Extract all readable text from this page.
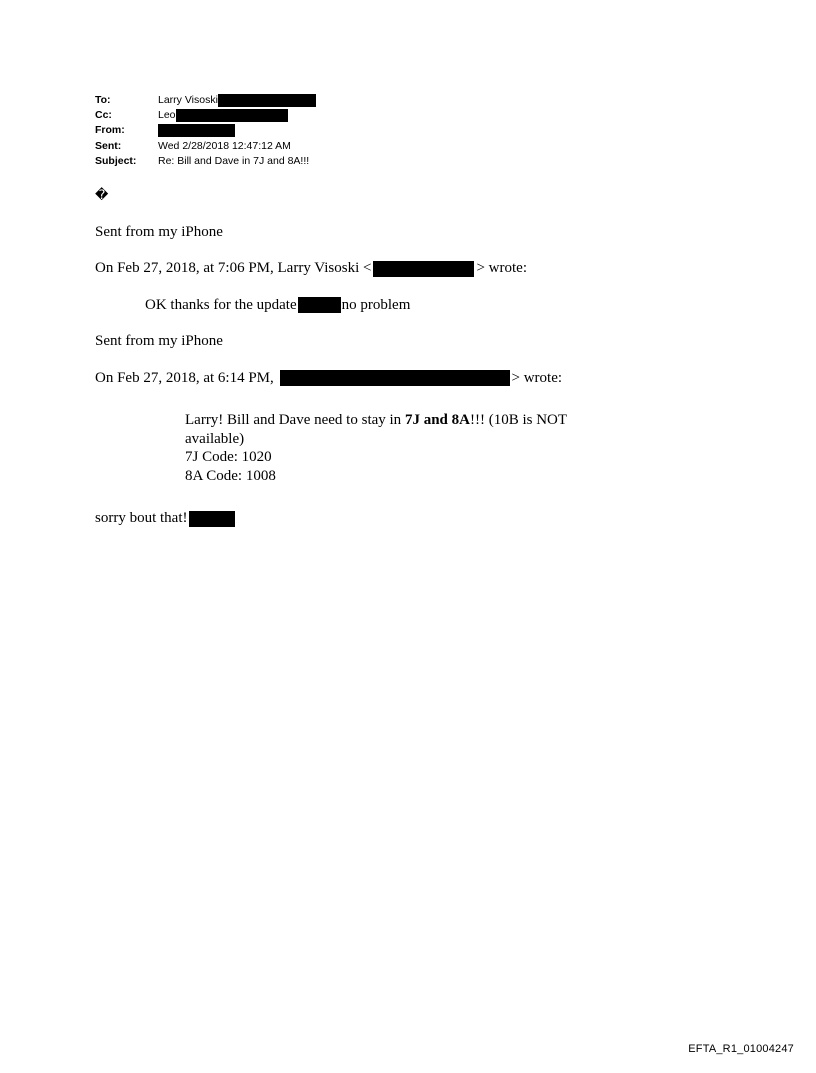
To:	Larry Visoski
Cc:	Leo
From:
Sent:	Wed 2/28/2018 12:47:12 AM
Subject:	Re: Bill and Dave in 7J and 8A!!!

�

Sent from my iPhone

On Feb 27, 2018, at 7:06 PM, Larry Visoski <	> wrote:

OK thanks for the update	no problem

Sent from my iPhone

On Feb 27, 2018, at 6:14 PM,	> wrote:

Larry! Bill and Dave need to stay in 7J and 8A!!! (10B is NOT
available)
7J Code: 1020
8A Code: 1008

sorry bout that!

EFTA_R1_01004247
